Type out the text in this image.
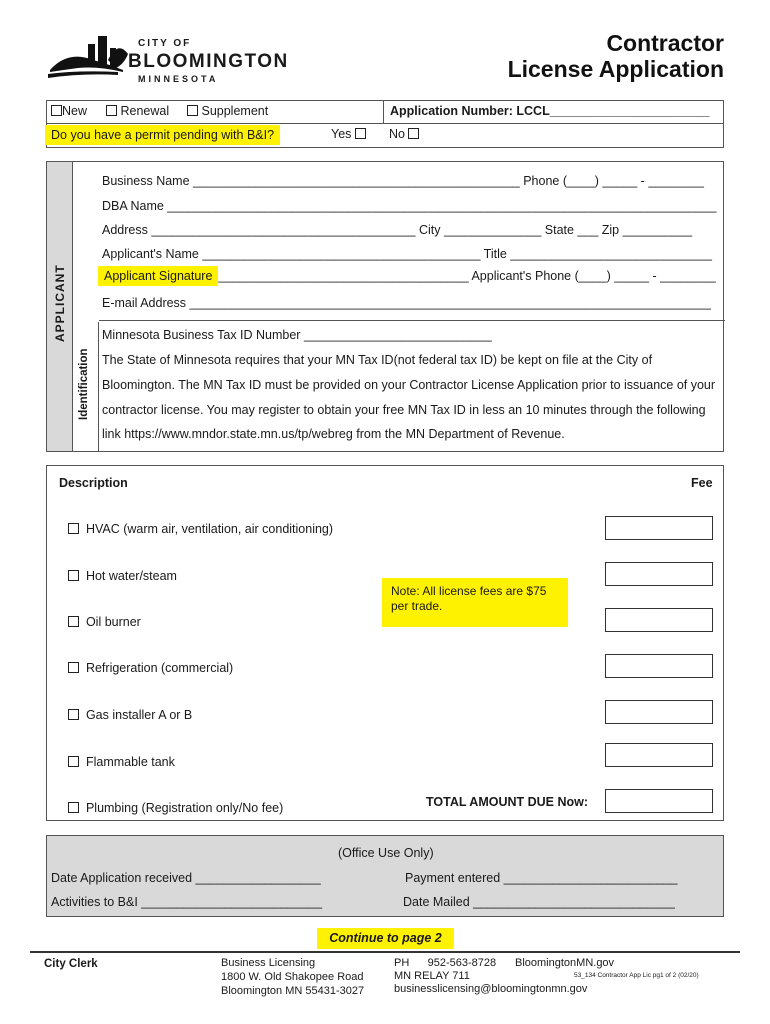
CITY OF
BLOOMINGTON
MINNESOTA
Contractor
License Application
New	Renewal	Supplement	Application Number: LCCL_______________________
Do you have a permit pending with B&I?	Yes	No
APPLICANT
Identification
Business Name _______________________________________________ Phone (____) _____ - ________
DBA Name _______________________________________________________________________________
Address ______________________________________ City ______________ State ___ Zip __________
Applicant's Name ________________________________________ Title _____________________________
Applicant Signature ____________________________________ Applicant's Phone (____) _____ - ________
E-mail Address ___________________________________________________________________________
Minnesota Business Tax ID Number ___________________________
The State of Minnesota requires that your MN Tax ID(not federal tax ID) be kept on file at the City of
Bloomington. The MN Tax ID must be provided on your Contractor License Application prior to issuance of your
contractor license. You may register to obtain your free MN Tax ID in less an 10 minutes through the following
link https://www.mndor.state.mn.us/tp/webreg from the MN Department of Revenue.
Description	Fee
HVAC (warm air, ventilation, air conditioning)
Hot water/steam
Oil burner
Refrigeration (commercial)
Gas installer A or B
Flammable tank
Plumbing (Registration only/No fee)
Note: All license fees are $75 per trade.
TOTAL AMOUNT DUE Now:
(Office Use Only)
Date Application received __________________	Payment entered _________________________
Activities to B&I __________________________	Date Mailed _____________________________
Continue to page 2
City Clerk	Business Licensing
1800 W. Old Shakopee Road
Bloomington MN 55431-3027
PH      952-563-8728 BloomingtonMN.gov
MN RELAY 711	53_134 Contractor App Lic pg1 of 2 (02/20)
businesslicensing@bloomingtonmn.gov
